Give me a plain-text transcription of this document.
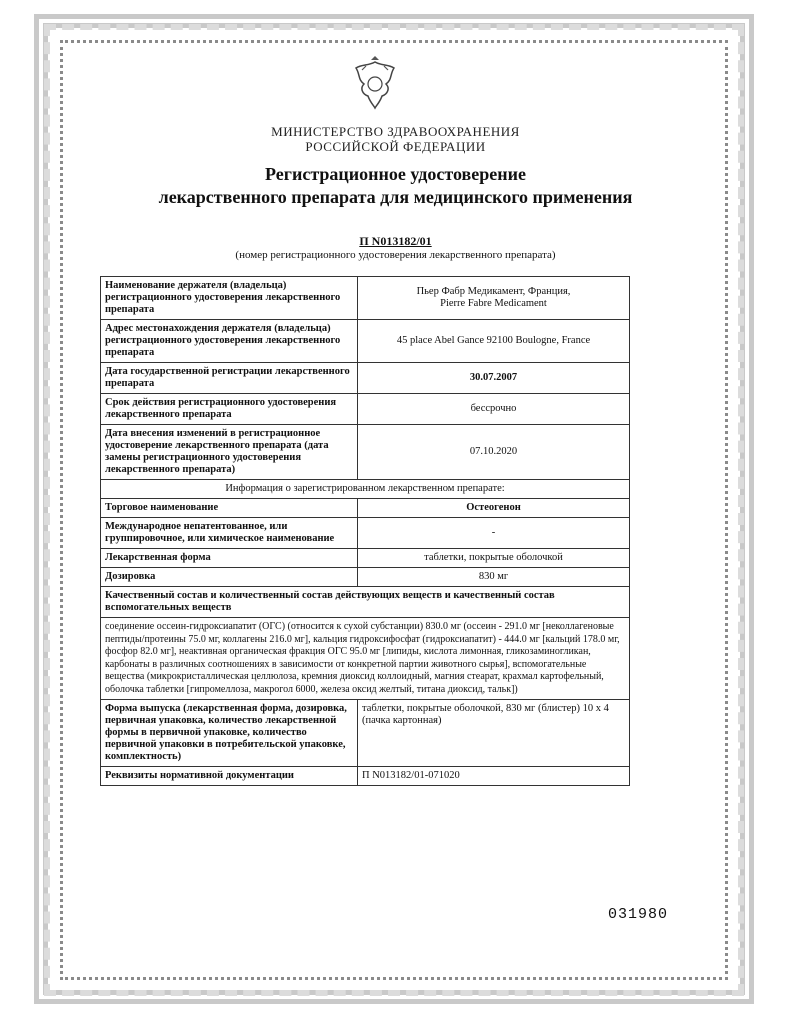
МИНИСТЕРСТВО ЗДРАВООХРАНЕНИЯ
РОССИЙСКОЙ ФЕДЕРАЦИИ
Регистрационное удостоверение
лекарственного препарата для медицинского применения
П N013182/01
(номер регистрационного удостоверения лекарственного препарата)
Наименование держателя (владельца) регистрационного удостоверения лекарственного препарата	Пьер Фабр Медикамент, Франция,
Pierre Fabre Medicament

Адрес местонахождения держателя (владельца) регистрационного удостоверения лекарственного препарата	45 place Abel Gance 92100 Boulogne, France
Дата государственной регистрации лекарственного препарата	30.07.2007
Срок действия регистрационного удостоверения лекарственного препарата	бессрочно
Дата внесения изменений в регистрационное удостоверение лекарственного препарата (дата замены регистрационного удостоверения лекарственного препарата)	07.10.2020
Информация о зарегистрированном лекарственном препарате:	
Торговое наименование	Остеогенон
Международное непатентованное, или группировочное, или химическое наименование	-
Лекарственная форма	таблетки, покрытые оболочкой
Дозировка	830 мг
Качественный состав и количественный состав действующих веществ и качественный состав вспомогательных веществ	
соединение оссеин-гидроксиапатит (ОГС) (относится к сухой субстанции) 830.0 мг (оссеин - 291.0 мг [неколлагеновые пептиды/протеины 75.0 мг, коллагены 216.0 мг], кальция гидроксифосфат (гидроксиапатит) - 444.0 мг [кальций 178.0 мг, фосфор 82.0 мг], неактивная органическая фракция ОГС 95.0 мг [липиды, кислота лимонная, гликозаминогликан, карбонаты в различных соотношениях в зависимости от конкретной партии животного сырья], вспомогательные вещества (микрокристаллическая целлюлоза, кремния диоксид коллоидный, магния стеарат, крахмал картофельный, оболочка таблетки [гипромеллоза, макрогол 6000, железа оксид желтый, титана диоксид, тальк])	
Форма выпуска (лекарственная форма, дозировка, первичная упаковка, количество лекарственной формы в первичной упаковке, количество первичной упаковки в потребительской упаковке, комплектность)	таблетки, покрытые оболочкой, 830 мг (блистер) 10 х 4 (пачка картонная)
Реквизиты нормативной документации	П N013182/01-071020
031980
